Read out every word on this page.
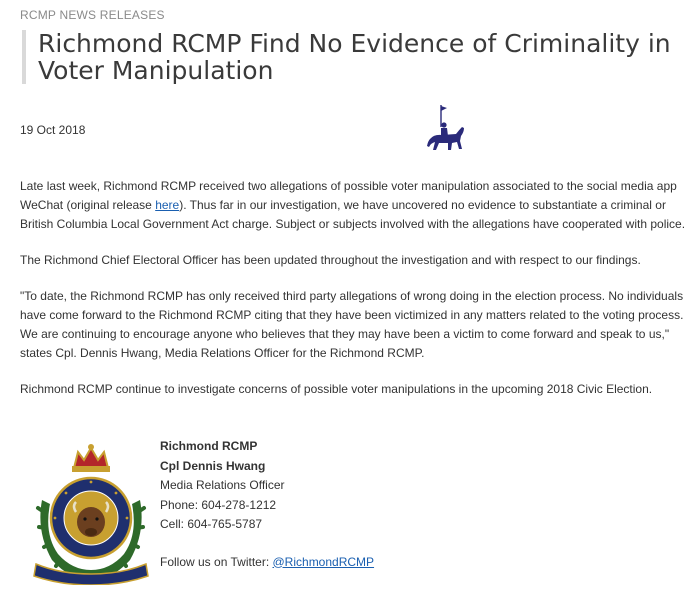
RCMP NEWS RELEASES
Richmond RCMP Find No Evidence of Criminality in Voter Manipulation
19 Oct 2018

Late last week, Richmond RCMP received two allegations of possible voter manipulation associated to the social media app WeChat (original release here). Thus far in our investigation, we have uncovered no evidence to substantiate a criminal or British Columbia Local Government Act charge. Subject or subjects involved with the allegations have cooperated with police.

The Richmond Chief Electoral Officer has been updated throughout the investigation and with respect to our findings.

"To date, the Richmond RCMP has only received third party allegations of wrong doing in the election process. No individuals have come forward to the Richmond RCMP citing that they have been victimized in any matters related to the voting process. We are continuing to encourage anyone who believes that they may have been a victim to come forward and speak to us," states Cpl. Dennis Hwang, Media Relations Officer for the Richmond RCMP.

Richmond RCMP continue to investigate concerns of possible voter manipulations in the upcoming 2018 Civic Election.

Richmond RCMP
Cpl Dennis Hwang
Media Relations Officer
Phone: 604-278-1212
Cell: 604-765-5787
Follow us on Twitter: @RichmondRCMP
